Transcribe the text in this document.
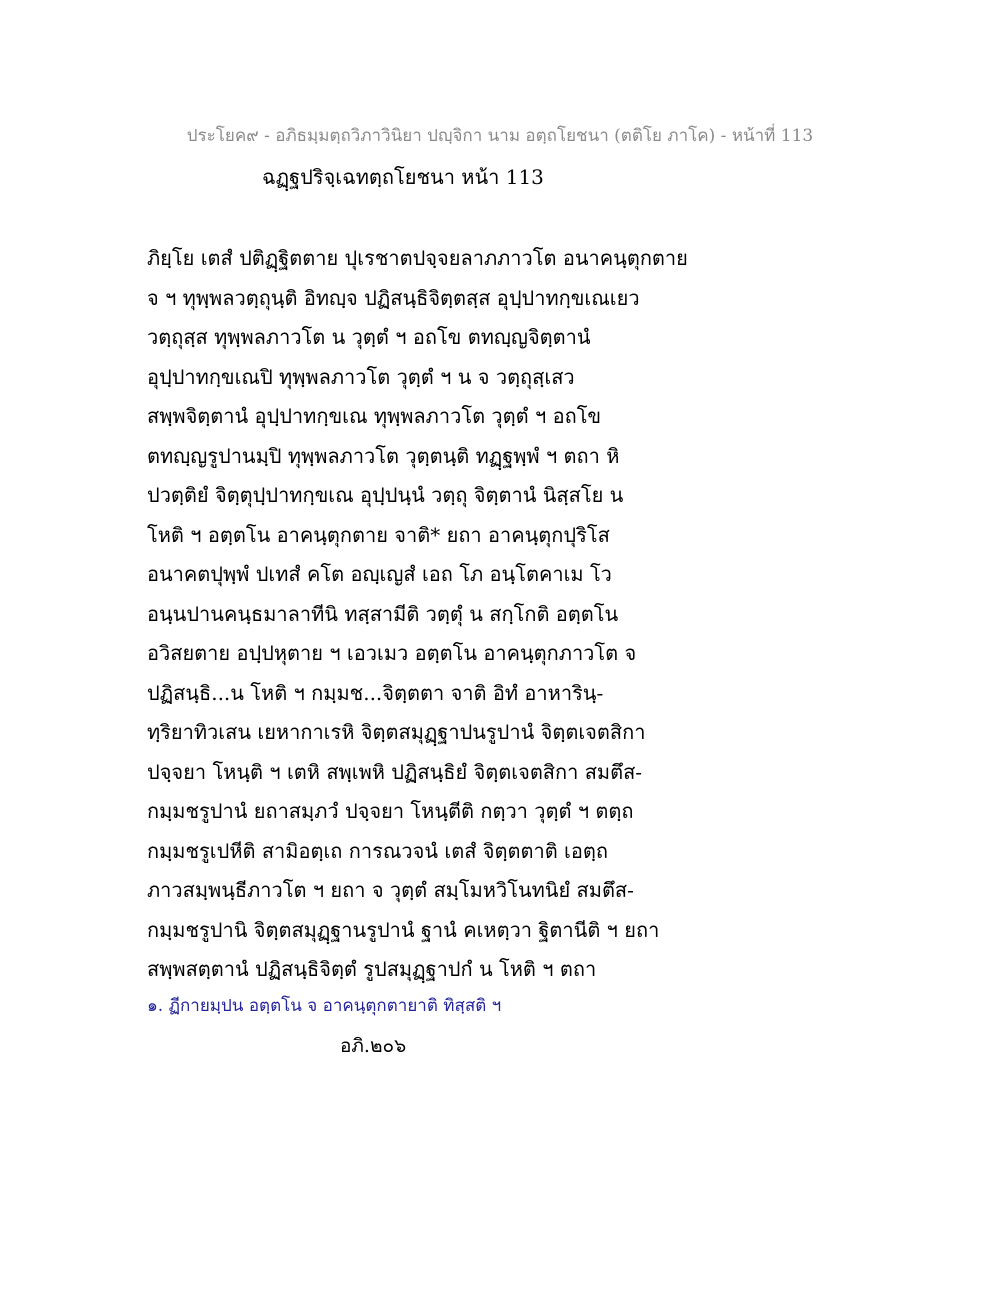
ประโยค๙ - อภิธมฺมตฺถวิภาวินิยา ปญฺจิกา นาม อตฺถโยชนา (ตติโย ภาโค) - หน้าที่ 113
ฉฏฺฐปริจฺเฉทตฺถโยชนา หน้า 113
ภิยฺโย เตสํ ปติฏฺฐิตตาย ปุเรชาตปจฺจยลาภภาวโต อนาคนฺตุกตาย
จ ฯ ทุพฺพลวตฺถุนฺติ อิทญฺจ ปฏิสนฺธิจิตฺตสฺส อุปฺปาทกฺขเณเยว
วตฺถุสฺส ทุพฺพลภาวโต น วุตฺตํ ฯ อถโข ตทญฺญจิตฺตานํ
อุปฺปาทกฺขเณปิ ทุพฺพลภาวโต วุตฺตํ ฯ น จ วตฺถุสฺเสว
สพฺพจิตฺตานํ อุปฺปาทกฺขเณ ทุพฺพลภาวโต วุตฺตํ ฯ อถโข
ตทญฺญรูปานมฺปิ ทุพฺพลภาวโต วุตฺตนฺติ ทฏฺฐพฺพํ ฯ ตถา หิ
ปวตฺติยํ จิตฺตุปฺปาทกฺขเณ อุปฺปนฺนํ วตฺถุ จิตฺตานํ นิสฺสโย น
โหติ ฯ อตฺตโน อาคนฺตุกตาย จาติ* ยถา อาคนฺตุกปุริโส
อนาคตปุพฺพํ ปเทสํ คโต อญฺเญสํ เอถ โภ อนฺโตคาเม โว
อนฺนปานคนฺธมาลาทีนิ ทสฺสามีติ วตฺตุํ น สกฺโกติ อตฺตโน
อวิสยตาย อปฺปหุตาย ฯ เอวเมว อตฺตโน อาคนฺตุกภาวโต จ
ปฏิสนฺธิ...น โหติ ฯ กมฺมช...จิตฺตตา จาติ อิทํ อาหารินฺ-
ทฺริยาทิวเสน เยหากาเรหิ จิตฺตสมุฏฺฐาปนรูปานํ จิตฺตเจตสิกา
ปจฺจยา โหนฺติ ฯ เตหิ สพฺเพหิ ปฏิสนฺธิยํ จิตฺตเจตสิกา สมตึส-
กมฺมชรูปานํ ยถาสมฺภวํ ปจฺจยา โหนฺตีติ กตฺวา วุตฺตํ ฯ ตตฺถ
กมฺมชรูเปหีติ สามิอตฺเถ การณวจนํ เตสํ จิตฺตตาติ เอตฺถ
ภาวสมฺพนฺธีภาวโต ฯ ยถา จ วุตฺตํ สมฺโมหวิโนทนิยํ สมตึส-
กมฺมชรูปานิ จิตฺตสมุฏฺฐานรูปานํ ฐานํ คเหตฺวา ฐิตานีติ ฯ ยถา
สพฺพสตฺตานํ ปฏิสนฺธิจิตฺตํ รูปสมุฏฺฐาปกํ น โหติ ฯ ตถา
๑. ฏีกายมฺปน อตฺตโน จ อาคนฺตุกตายาติ ทิสฺสติ ฯ
อภิ.๒๐๖
